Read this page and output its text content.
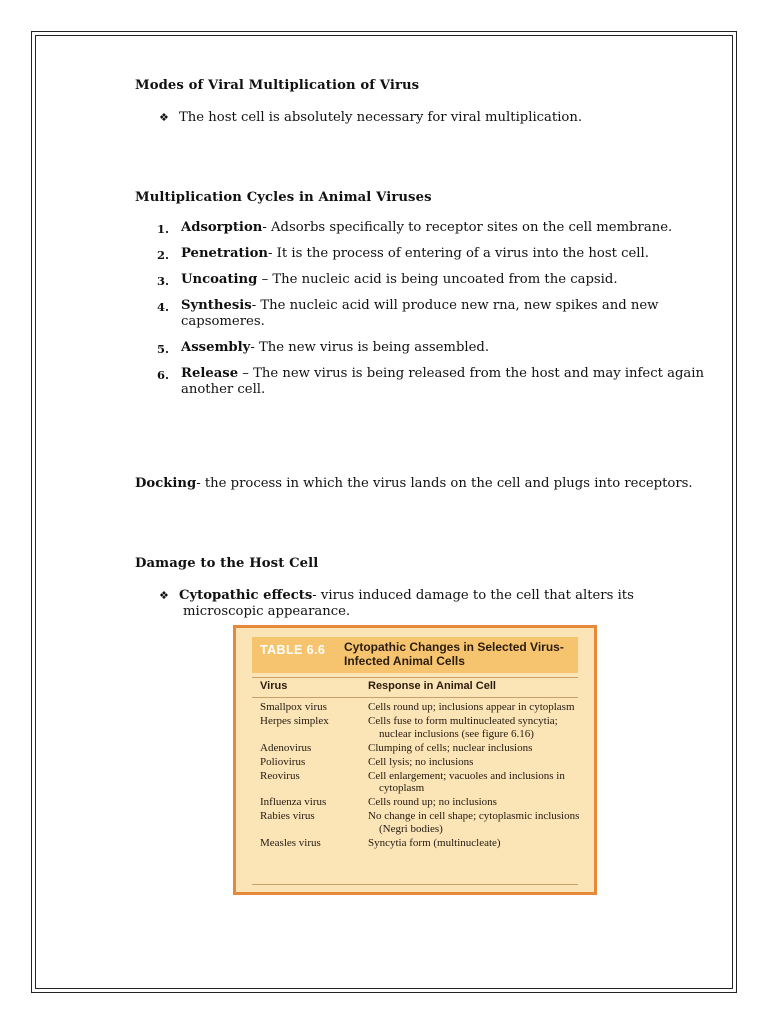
Modes of Viral Multiplication of Virus
❖ The host cell is absolutely necessary for viral multiplication.
Multiplication Cycles in Animal Viruses
1. Adsorption- Adsorbs specifically to receptor sites on the cell membrane.
2. Penetration- It is the process of entering of a virus into the host cell.
3. Uncoating – The nucleic acid is being uncoated from the capsid.
4. Synthesis- The nucleic acid will produce new rna, new spikes and new capsomeres.
5. Assembly- The new virus is being assembled.
6. Release – The new virus is being released from the host and may infect again another cell.
Docking- the process in which the virus lands on the cell and plugs into receptors.
Damage to the Host Cell
❖ Cytopathic effects- virus induced damage to the cell that alters its
microscopic appearance.
TABLE 6.6 Cytopathic Changes in Selected Virus-Infected Animal Cells
Virus	Response in Animal Cell
Smallpox virus	Cells round up; inclusions appear in cytoplasm
Herpes simplex	Cells fuse to form multinucleated syncytia; nuclear inclusions (see figure 6.16)
Adenovirus	Clumping of cells; nuclear inclusions
Poliovirus	Cell lysis; no inclusions
Reovirus	Cell enlargement; vacuoles and inclusions in cytoplasm
Influenza virus	Cells round up; no inclusions
Rabies virus	No change in cell shape; cytoplasmic inclusions (Negri bodies)
Measles virus	Syncytia form (multinucleate)
